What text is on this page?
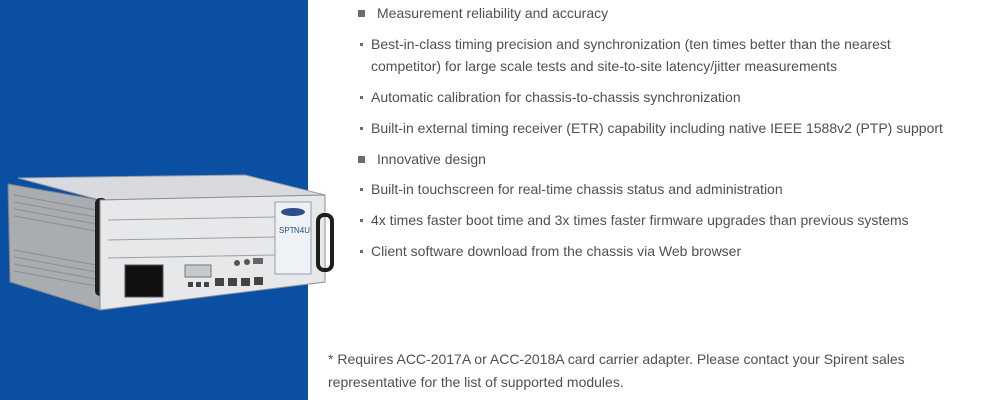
SPT N4U
Measurement reliability and accuracy
Best-in-class timing precision and synchronization (ten times better than the nearest
competitor) for large scale tests and site-to-site latency/jitter measurements
Automatic calibration for chassis-to-chassis synchronization
Built-in external timing receiver (ETR) capability including native IEEE 1588v2 (PTP) support
Innovative design
Built-in touchscreen for real-time chassis status and administration
4x times faster boot time and 3x times faster firmware upgrades than previous systems
Client software download from the chassis via Web browser
* Requires ACC-2017A or ACC-2018A card carrier adapter. Please contact your Spirent sales
representative for the list of supported modules.
